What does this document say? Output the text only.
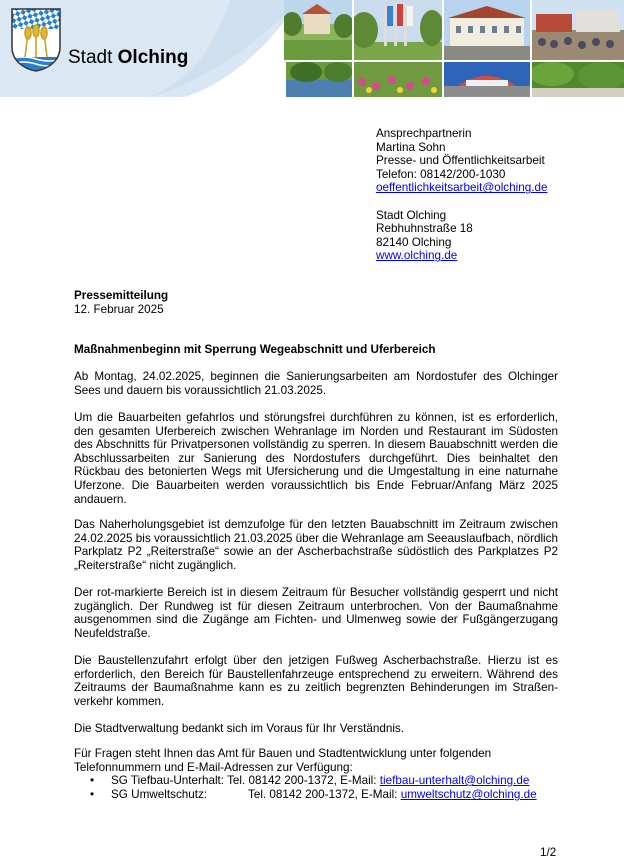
Stadt Olching
Ansprechpartnerin
Martina Sohn
Presse- und Öffentlichkeitsarbeit
Telefon: 08142/200-1030
oeffentlichkeitsarbeit@olching.de
Stadt Olching
Rebhuhnstraße 18
82140 Olching
www.olching.de
Pressemitteilung
12. Februar 2025
Maßnahmenbeginn mit Sperrung Wegeabschnitt und Uferbereich
Ab Montag, 24.02.2025, beginnen die Sanierungsarbeiten am Nordostufer des Olchinger Sees und dauern bis voraussichtlich 21.03.2025.
Um die Bauarbeiten gefahrlos und störungsfrei durchführen zu können, ist es erforderlich, den gesamten Uferbereich zwischen Wehranlage im Norden und Restaurant im Südosten des Abschnitts für Privatpersonen vollständig zu sperren. In diesem Bauabschnitt werden die Abschlussarbeiten zur Sanierung des Nordostufers durchgeführt. Dies beinhaltet den Rückbau des betonierten Wegs mit Ufersicherung und die Umgestaltung in eine naturnahe Uferzone. Die Bauarbeiten werden voraussichtlich bis Ende Februar/Anfang März 2025 andauern.
Das Naherholungsgebiet ist demzufolge für den letzten Bauabschnitt im Zeitraum zwischen 24.02.2025 bis voraussichtlich 21.03.2025 über die Wehranlage am Seeauslaufbach, nördlich Parkplatz P2 „Reiterstraße“ sowie an der Ascherbachstraße südöstlich des Parkplatzes P2 „Reiterstraße“ nicht zugänglich.
Der rot-markierte Bereich ist in diesem Zeitraum für Besucher vollständig gesperrt und nicht zugänglich. Der Rundweg ist für diesen Zeitraum unterbrochen. Von der Baumaßnahme ausgenommen sind die Zugänge am Fichten- und Ulmenweg sowie der Fußgängerzugang Neufeldstraße.
Die Baustellenzufahrt erfolgt über den jetzigen Fußweg Ascherbachstraße. Hierzu ist es erforderlich, den Bereich für Baustellenfahrzeuge entsprechend zu erweitern. Während des Zeitraums der Baumaßnahme kann es zu zeitlich begrenzten Behinderungen im Straßen-verkehr kommen.
Die Stadtverwaltung bedankt sich im Voraus für Ihr Verständnis.
Für Fragen steht Ihnen das Amt für Bauen und Stadtentwicklung unter folgenden
Telefonnummern und E-Mail-Adressen zur Verfügung:
• SG Tiefbau-Unterhalt: Tel. 08142 200-1372, E-Mail: tiefbau-unterhalt@olching.de
• SG Umweltschutz:	Tel. 08142 200-1372, E-Mail: umweltschutz@olching.de
1/2
